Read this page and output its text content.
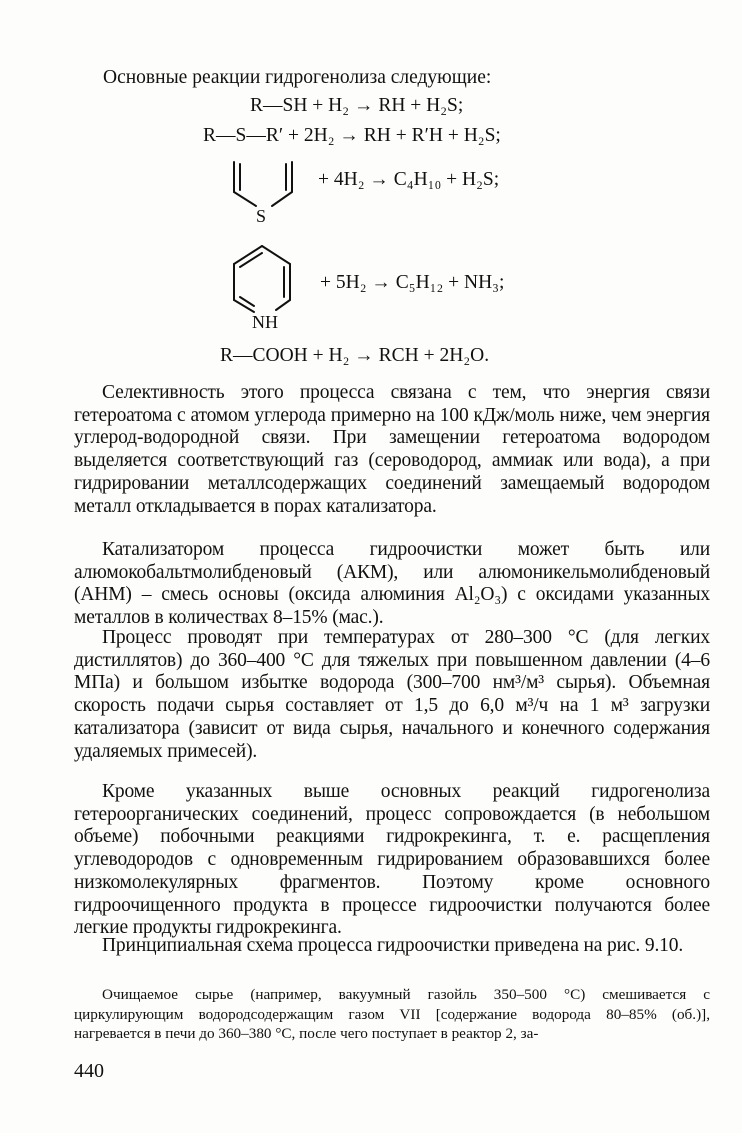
Основные реакции гидрогенолиза следующие:
R—SH + H₂ → RH + H₂S;
R—S—R′ + 2H₂ → RH + R′H + H₂S;
S
+ 4H₂ → C₄H₁₀ + H₂S;
NH
+ 5H₂ → C₅H₁₂ + NH₃;
R—COOH + H₂ → RCH + 2H₂O.
Селективность этого процесса связана с тем, что энергия связи гетероатома с атомом углерода примерно на 100 кДж/моль ниже, чем энергия углерод-водородной связи. При замещении гетероатома водородом выделяется соответствующий газ (сероводород, аммиак или вода), а при гидрировании металлсодержащих соединений замещаемый водородом металл откладывается в порах катализатора.
Катализатором процесса гидроочистки может быть или алюмокобальтмолибденовый (АКМ), или алюмоникельмолибденовый (АНМ) – смесь основы (оксида алюминия Al₂O₃) с оксидами указанных металлов в количествах 8–15% (мас.).
Процесс проводят при температурах от 280–300 °С (для легких дистиллятов) до 360–400 °С для тяжелых при повышенном давлении (4–6 МПа) и большом избытке водорода (300–700 нм³/м³ сырья). Объемная скорость подачи сырья составляет от 1,5 до 6,0 м³/ч на 1 м³ загрузки катализатора (зависит от вида сырья, начального и конечного содержания удаляемых примесей).
Кроме указанных выше основных реакций гидрогенолиза гетероорганических соединений, процесс сопровождается (в небольшом объеме) побочными реакциями гидрокрекинга, т. е. расщепления углеводородов с одновременным гидрированием образовавшихся более низкомолекулярных фрагментов. Поэтому кроме основного гидроочищенного продукта в процессе гидроочистки получаются более легкие продукты гидрокрекинга.
Принципиальная схема процесса гидроочистки приведена на рис. 9.10.
Очищаемое сырье (например, вакуумный газойль 350–500 °С) смешивается с циркулирующим водородсодержащим газом VII [содержание водорода 80–85% (об.)], нагревается в печи до 360–380 °С, после чего поступает в реактор 2, за-
440
